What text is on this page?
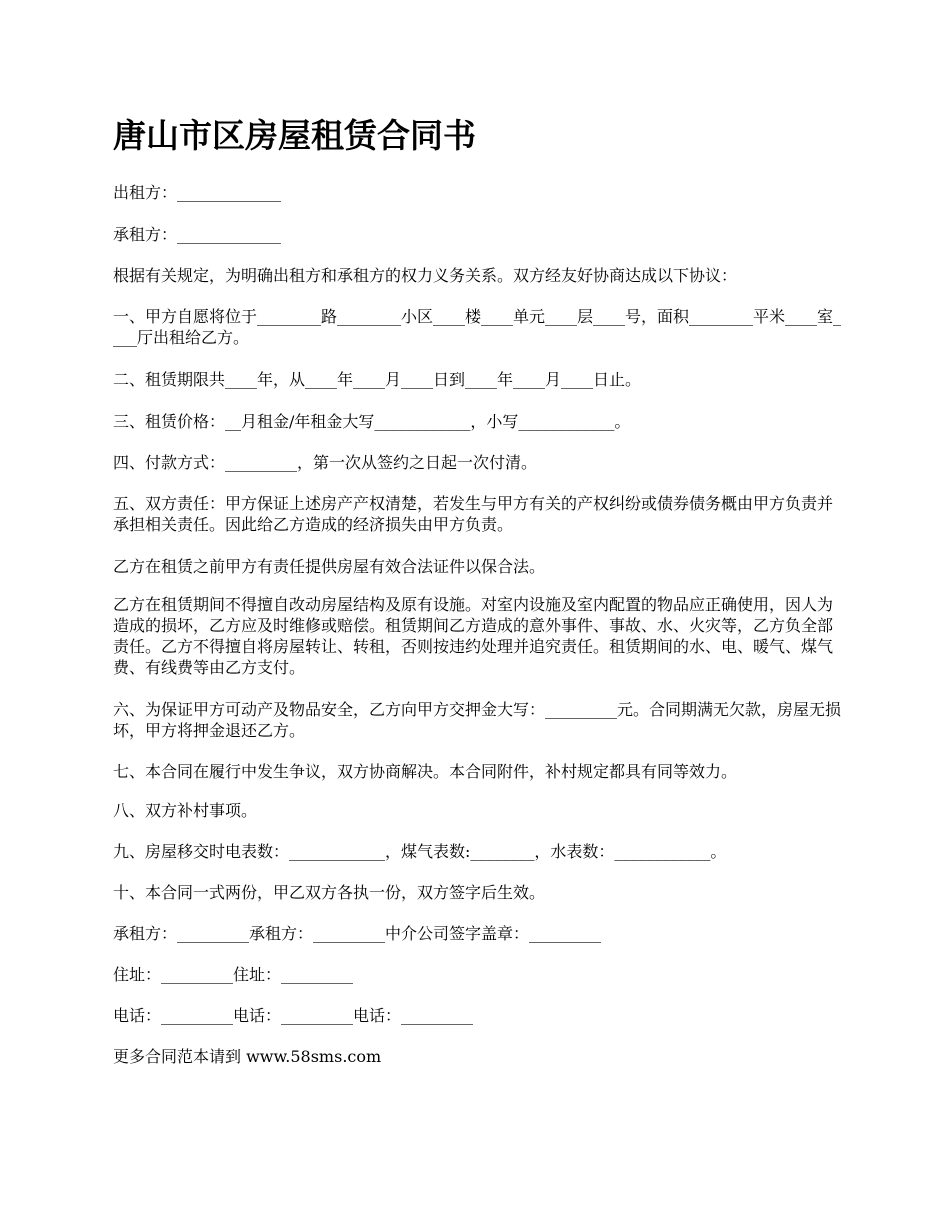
唐山市区房屋租赁合同书

出租方：_____________

承租方：_____________

根据有关规定，为明确出租方和承租方的权力义务关系。双方经友好协商达成以下协议：

一、甲方自愿将位于________路________小区____楼____单元____层____号，面积________平米____室____厅出租给乙方。

二、租赁期限共____年，从____年____月____日到____年____月____日止。

三、租赁价格：__月租金/年租金大写____________，小写____________。

四、付款方式：_________，第一次从签约之日起一次付清。

五、双方责任：甲方保证上述房产产权清楚，若发生与甲方有关的产权纠纷或债券债务概由甲方负责并承担相关责任。因此给乙方造成的经济损失由甲方负责。

乙方在租赁之前甲方有责任提供房屋有效合法证件以保合法。

乙方在租赁期间不得擅自改动房屋结构及原有设施。对室内设施及室内配置的物品应正确使用，因人为造成的损坏，乙方应及时维修或赔偿。租赁期间乙方造成的意外事件、事故、水、火灾等，乙方负全部责任。乙方不得擅自将房屋转让、转租，否则按违约处理并追究责任。租赁期间的水、电、暖气、煤气费、有线费等由乙方支付。

六、为保证甲方可动产及物品安全，乙方向甲方交押金大写：_________元。合同期满无欠款，房屋无损坏，甲方将押金退还乙方。

七、本合同在履行中发生争议，双方协商解决。本合同附件，补村规定都具有同等效力。

八、双方补村事项。

九、房屋移交时电表数：____________，煤气表数:________，水表数：____________。

十、本合同一式两份，甲乙双方各执一份，双方签字后生效。

承租方：_________承租方：_________中介公司签字盖章：_________

住址：_________住址：_________

电话：_________电话：_________电话：_________

更多合同范本请到 www.58sms.com
